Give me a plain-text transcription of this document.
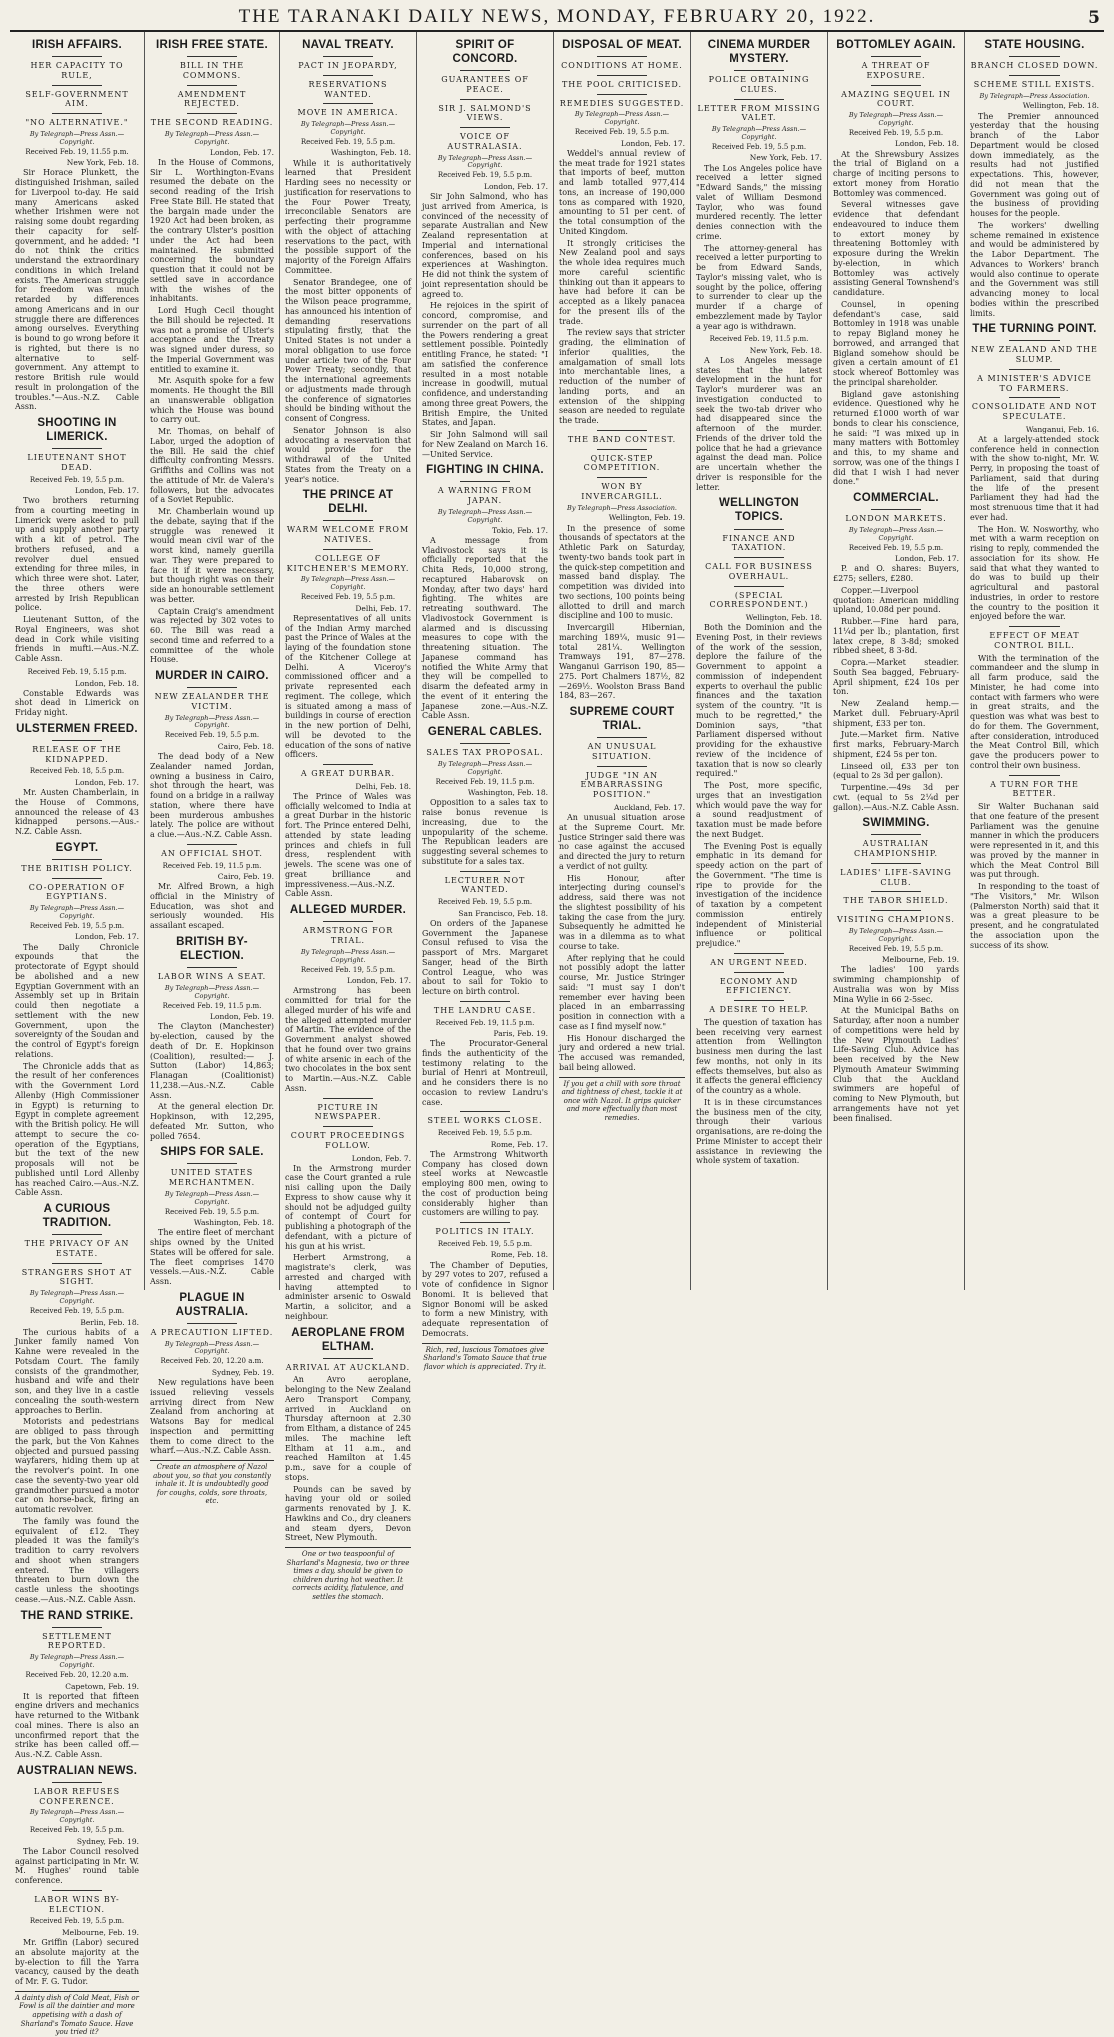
THE TARANAKI DAILY NEWS, MONDAY, FEBRUARY 20, 1922.	5
IRISH AFFAIRS.
HER CAPACITY TO RULE,
SELF-GOVERNMENT AIM.
"NO ALTERNATIVE."
By Telegraph—Press Assn.—Copyright.
Received Feb. 19, 11.55 p.m.
New York, Feb. 18.

Sir Horace Plunkett, the distinguished Irishman, sailed for Liverpool to-day. He said many Americans asked whether Irishmen were not raising some doubt regarding their capacity for self-government, and he added: "I do not think the critics understand the extraordinary conditions in which Ireland exists. The American struggle for freedom was much retarded by differences among Americans and in our struggle there are differences among ourselves. Everything is bound to go wrong before it is righted, but there is no alternative to self-government. Any attempt to restore British rule would result in prolongation of the troubles."—Aus.-N.Z. Cable Assn.

SHOOTING IN LIMERICK.
LIEUTENANT SHOT DEAD.
Received Feb. 19, 5.5 p.m.
London, Feb. 17.

Two brothers returning from a courting meeting in Limerick were asked to pull up and supply another party with a kit of petrol. The brothers refused, and a revolver duel ensued extending for three miles, in which three were shot. Later, the three others were arrested by Irish Republican police.

Lieutenant Sutton, of the Royal Engineers, was shot dead in Cork while visiting friends in mufti.—Aus.-N.Z. Cable Assn.

Received Feb. 19, 5.15 p.m.
London, Feb. 18.

Constable Edwards was shot dead in Limerick on Friday night.

ULSTERMEN FREED.
RELEASE OF THE KIDNAPPED.
Received Feb. 18, 5.5 p.m.
London, Feb. 17.

Mr. Austen Chamberlain, in the House of Commons, announced the release of 43 kidnapped persons.—Aus.-N.Z. Cable Assn.

EGYPT.
THE BRITISH POLICY.
CO-OPERATION OF EGYPTIANS.
By Telegraph—Press Assn.—Copyright.
Received Feb. 19, 5.5 p.m.
London, Feb. 17.

The Daily Chronicle expounds that the protectorate of Egypt should be abolished and a new Egyptian Government with an Assembly set up in Britain could then negotiate a settlement with the new Government, upon the sovereignty of the Soudan and the control of Egypt's foreign relations.

The Chronicle adds that as the result of her conferences with the Government Lord Allenby (High Commissioner in Egypt) is returning to Egypt in complete agreement with the British policy. He will attempt to secure the co-operation of the Egyptians, but the text of the new proposals will not be published until Lord Allenby has reached Cairo.—Aus.-N.Z. Cable Assn.

A CURIOUS TRADITION.
THE PRIVACY OF AN ESTATE.
STRANGERS SHOT AT SIGHT.
By Telegraph—Press Assn.—Copyright.
Received Feb. 19, 5.5 p.m.
Berlin, Feb. 18.

The curious habits of a Junker family named Von Kahne were revealed in the Potsdam Court. The family consists of the grandmother, husband and wife and their son, and they live in a castle concealing the south-western approaches to Berlin.

Motorists and pedestrians are obliged to pass through the park, but the Von Kahnes objected and pursued passing wayfarers, hiding them up at the revolver's point. In one case the seventy-two year old grandmother pursued a motor car on horse-back, firing an automatic revolver.

The family was found the equivalent of £12. They pleaded it was the family's tradition to carry revolvers and shoot when strangers entered. The villagers threaten to burn down the castle unless the shootings cease.—Aus.-N.Z. Cable Assn.

THE RAND STRIKE.
SETTLEMENT REPORTED.
By Telegraph—Press Assn.—Copyright.
Received Feb. 20, 12.20 a.m.
Capetown, Feb. 19.

It is reported that fifteen engine drivers and mechanics have returned to the Witbank coal mines. There is also an unconfirmed report that the strike has been called off.—Aus.-N.Z. Cable Assn.

AUSTRALIAN NEWS.
LABOR REFUSES CONFERENCE.
By Telegraph—Press Assn.—Copyright.
Received Feb. 19, 5.5 p.m.
Sydney, Feb. 19.

The Labor Council resolved against participating in Mr. W. M. Hughes' round table conference.

LABOR WINS BY-ELECTION.
Received Feb. 19, 5.5 p.m.
Melbourne, Feb. 19.

Mr. Griffin (Labor) secured an absolute majority at the by-election to fill the Yarra vacancy, caused by the death of Mr. F. G. Tudor.

A dainty dish of Cold Meat, Fish or Fowl is all the daintier and more appetising with a dash of Sharland's Tomato Sauce. Have you tried it?
IRISH FREE STATE.
BILL IN THE COMMONS.
AMENDMENT REJECTED.
THE SECOND READING.
By Telegraph—Press Assn.—Copyright.
London, Feb. 17.

In the House of Commons, Sir L. Worthington-Evans resumed the debate on the second reading of the Irish Free State Bill. He stated that the bargain made under the 1920 Act had been broken, as the contrary Ulster's position under the Act had been maintained. He submitted concerning the boundary question that it could not be settled save in accordance with the wishes of the inhabitants.

Lord Hugh Cecil thought the Bill should be rejected. It was not a promise of Ulster's acceptance and the Treaty was signed under duress, so the Imperial Government was entitled to examine it.

Mr. Asquith spoke for a few moments. He thought the Bill an unanswerable obligation which the House was bound to carry out.

Mr. Thomas, on behalf of Labor, urged the adoption of the Bill. He said the chief difficulty confronting Messrs. Griffiths and Collins was not the attitude of Mr. de Valera's followers, but the advocates of a Soviet Republic.

Mr. Chamberlain wound up the debate, saying that if the struggle was renewed it would mean civil war of the worst kind, namely guerilla war. They were prepared to face it if it were necessary, but though right was on their side an honourable settlement was better.

Captain Craig's amendment was rejected by 302 votes to 60. The Bill was read a second time and referred to a committee of the whole House.

MURDER IN CAIRO.
NEW ZEALANDER THE VICTIM.
By Telegraph—Press Assn.—Copyright.
Received Feb. 19, 5.5 p.m.
Cairo, Feb. 18.

The dead body of a New Zealander named Jordan, owning a business in Cairo, shot through the heart, was found on a bridge in a railway station, where there have been murderous ambushes lately. The police are without a clue.—Aus.-N.Z. Cable Assn.

AN OFFICIAL SHOT.
Received Feb. 19, 11.5 p.m.
Cairo, Feb. 19.

Mr. Alfred Brown, a high official in the Ministry of Education, was shot and seriously wounded. His assailant escaped.

BRITISH BY-ELECTION.
LABOR WINS A SEAT.
By Telegraph—Press Assn.—Copyright.
Received Feb. 19, 11.5 p.m.
London, Feb. 19.

The Clayton (Manchester) by-election, caused by the death of Dr. E. Hopkinson (Coalition), resulted:— J. Sutton (Labor) 14,863; Flanagan (Coalitionist) 11,238.—Aus.-N.Z. Cable Assn.

At the general election Dr. Hopkinson, with 12,295, defeated Mr. Sutton, who polled 7654.

SHIPS FOR SALE.
UNITED STATES MERCHANTMEN.
By Telegraph—Press Assn.—Copyright.
Received Feb. 19, 5.5 p.m.
Washington, Feb. 18.

The entire fleet of merchant ships owned by the United States will be offered for sale. The fleet comprises 1470 vessels.—Aus.-N.Z. Cable Assn.

PLAGUE IN AUSTRALIA.
A PRECAUTION LIFTED.
By Telegraph—Press Assn.—Copyright.
Received Feb. 20, 12.20 a.m.
Sydney, Feb. 19.

New regulations have been issued relieving vessels arriving direct from New Zealand from anchoring at Watsons Bay for medical inspection and permitting them to come direct to the wharf.—Aus.-N.Z. Cable Assn.

Create an atmosphere of Nazol about you, so that you constantly inhale it. It is undoubtedly good for coughs, colds, sore throats, etc.
NAVAL TREATY.
PACT IN JEOPARDY,
RESERVATIONS WANTED.
MOVE IN AMERICA.
By Telegraph—Press Assn.—Copyright.
Received Feb. 19, 5.5 p.m.
Washington, Feb. 18.

While it is authoritatively learned that President Harding sees no necessity or justification for reservations to the Four Power Treaty, irreconcilable Senators are perfecting their programme with the object of attaching reservations to the pact, with the possible support of the majority of the Foreign Affairs Committee.

Senator Brandegee, one of the most bitter opponents of the Wilson peace programme, has announced his intention of demanding reservations stipulating firstly, that the United States is not under a moral obligation to use force under article two of the Four Power Treaty; secondly, that the international agreements or adjustments made through the conference of signatories should be binding without the consent of Congress.

Senator Johnson is also advocating a reservation that would provide for the withdrawal of the United States from the Treaty on a year's notice.

THE PRINCE AT DELHI.
WARM WELCOME FROM NATIVES.
COLLEGE OF KITCHENER'S MEMORY.
By Telegraph—Press Assn.—Copyright.
Received Feb. 19, 5.5 p.m.
Delhi, Feb. 17.

Representatives of all units of the Indian Army marched past the Prince of Wales at the laying of the foundation stone of the Kitchener College at Delhi. A Viceroy's commissioned officer and a private represented each regiment. The college, which is situated among a mass of buildings in course of erection in the new portion of Delhi, will be devoted to the education of the sons of native officers.

A GREAT DURBAR.
Delhi, Feb. 18.

The Prince of Wales was officially welcomed to India at a great Durbar in the historic fort. The Prince entered Delhi, attended by state leading princes and chiefs in full dress, resplendent with jewels. The scene was one of great brilliance and impressiveness.—Aus.-N.Z. Cable Assn.

ALLEGED MURDER.
ARMSTRONG FOR TRIAL.
By Telegraph—Press Assn.—Copyright.
Received Feb. 19, 5.5 p.m.
London, Feb. 17.

Armstrong has been committed for trial for the alleged murder of his wife and the alleged attempted murder of Martin. The evidence of the Government analyst showed that he found over two grains of white arsenic in each of the two chocolates in the box sent to Martin.—Aus.-N.Z. Cable Assn.

PICTURE IN NEWSPAPER.
COURT PROCEEDINGS FOLLOW.
London, Feb. 7.

In the Armstrong murder case the Court granted a rule nisi calling upon the Daily Express to show cause why it should not be adjudged guilty of contempt of Court for publishing a photograph of the defendant, with a picture of his gun at his wrist.

Herbert Armstrong, a magistrate's clerk, was arrested and charged with having attempted to administer arsenic to Oswald Martin, a solicitor, and a neighbour.

AEROPLANE FROM ELTHAM.
ARRIVAL AT AUCKLAND.

An Avro aeroplane, belonging to the New Zealand Aero Transport Company, arrived in Auckland on Thursday afternoon at 2.30 from Eltham, a distance of 245 miles. The machine left Eltham at 11 a.m., and reached Hamilton at 1.45 p.m., save for a couple of stops.

Pounds can be saved by having your old or soiled garments renovated by J. K. Hawkins and Co., dry cleaners and steam dyers, Devon Street, New Plymouth.

One or two teaspoonful of Sharland's Magnesia, two or three times a day, should be given to children during hot weather. It corrects acidity, flatulence, and settles the stomach.
SPIRIT OF CONCORD.
GUARANTEES OF PEACE.
SIR J. SALMOND'S VIEWS.
VOICE OF AUSTRALASIA.
By Telegraph—Press Assn.—Copyright.
Received Feb. 19, 5.5 p.m.
London, Feb. 17.

Sir John Salmond, who has just arrived from America, is convinced of the necessity of separate Australian and New Zealand representation at Imperial and international conferences, based on his experiences at Washington. He did not think the system of joint representation should be agreed to.

He rejoices in the spirit of concord, compromise, and surrender on the part of all the Powers rendering a great settlement possible. Pointedly entitling France, he stated: "I am satisfied the conference resulted in a most notable increase in goodwill, mutual confidence, and understanding among three great Powers, the British Empire, the United States, and Japan.

Sir John Salmond will sail for New Zealand on March 16.—United Service.

FIGHTING IN CHINA.
A WARNING FROM JAPAN.
By Telegraph—Press Assn.—Copyright.
Tokio, Feb. 17.

A message from Vladivostock says it is officially reported that the Chita Reds, 10,000 strong, recaptured Habarovsk on Monday, after two days' hard fighting. The whites are retreating southward. The Vladivostock Government is alarmed and is discussing measures to cope with the threatening situation. The Japanese command has notified the White Army that they will be compelled to disarm the defeated army in the event of it entering the Japanese zone.—Aus.-N.Z. Cable Assn.

GENERAL CABLES.
SALES TAX PROPOSAL.
By Telegraph—Press Assn.—Copyright.
Received Feb. 19, 11.5 p.m.
Washington, Feb. 18.

Opposition to a sales tax to raise bonus revenue is increasing, due to the unpopularity of the scheme. The Republican leaders are suggesting several schemes to substitute for a sales tax.

LECTURER NOT WANTED.
Received Feb. 19, 5.5 p.m.
San Francisco, Feb. 18.

On orders of the Japanese Government the Japanese Consul refused to visa the passport of Mrs. Margaret Sanger, head of the Birth Control League, who was about to sail for Tokio to lecture on birth control.

THE LANDRU CASE.
Received Feb. 19, 11.5 p.m.
Paris, Feb. 19.

The Procurator-General finds the authenticity of the testimony relating to the burial of Henri at Montreuil, and he considers there is no occasion to review Landru's case.

STEEL WORKS CLOSE.
Received Feb. 19, 5.5 p.m.
Rome, Feb. 17.

The Armstrong Whitworth Company has closed down steel works at Newcastle employing 800 men, owing to the cost of production being considerably higher than customers are willing to pay.

POLITICS IN ITALY.
Received Feb. 19, 5.5 p.m.
Rome, Feb. 18.

The Chamber of Deputies, by 297 votes to 207, refused a vote of confidence in Signor Bonomi. It is believed that Signor Bonomi will be asked to form a new Ministry, with adequate representation of Democrats.

Rich, red, luscious Tomatoes give Sharland's Tomato Sauce that true flavor which is appreciated. Try it.
DISPOSAL OF MEAT.
CONDITIONS AT HOME.
THE POOL CRITICISED.
REMEDIES SUGGESTED.
By Telegraph—Press Assn.—Copyright.
Received Feb. 19, 5.5 p.m.
London, Feb. 17.

Weddel's annual review of the meat trade for 1921 states that imports of beef, mutton and lamb totalled 977,414 tons, an increase of 190,000 tons as compared with 1920, amounting to 51 per cent. of the total consumption of the United Kingdom.

It strongly criticises the New Zealand pool and says the whole idea requires much more careful scientific thinking out than it appears to have had before it can be accepted as a likely panacea for the present ills of the trade.

The review says that stricter grading, the elimination of inferior qualities, the amalgamation of small lots into merchantable lines, a reduction of the number of landing ports, and an extension of the shipping season are needed to regulate the trade.

THE BAND CONTEST.
QUICK-STEP COMPETITION.
WON BY INVERCARGILL.
By Telegraph—Press Association.
Wellington, Feb. 19.

In the presence of some thousands of spectators at the Athletic Park on Saturday, twenty-two bands took part in the quick-step competition and massed band display. The competition was divided into two sections, 100 points being allotted to drill and march discipline and 100 to music.

Invercargill Hibernian, marching 189¼, music 91—total 281¼. Wellington Tramways 191, 87—278. Wanganui Garrison 190, 85—275. Port Chalmers 187½, 82—269½. Woolston Brass Band 184, 83—267.

SUPREME COURT TRIAL.
AN UNUSUAL SITUATION.
JUDGE "IN AN EMBARRASSING POSITION."
Auckland, Feb. 17.

An unusual situation arose at the Supreme Court. Mr. Justice Stringer said there was no case against the accused and directed the jury to return a verdict of not guilty.

His Honour, after interjecting during counsel's address, said there was not the slightest possibility of his taking the case from the jury. Subsequently he admitted he was in a dilemma as to what course to take.

After replying that he could not possibly adopt the latter course, Mr. Justice Stringer said: "I must say I don't remember ever having been placed in an embarrassing position in connection with a case as I find myself now."

His Honour discharged the jury and ordered a new trial. The accused was remanded, bail being allowed.

If you get a chill with sore throat and tightness of chest, tackle it at once with Nazol. It grips quicker and more effectually than most remedies.
CINEMA MURDER MYSTERY.
POLICE OBTAINING CLUES.
LETTER FROM MISSING VALET.
By Telegraph—Press Assn.—Copyright.
Received Feb. 19, 5.5 p.m.
New York, Feb. 17.

The Los Angeles police have received a letter signed "Edward Sands," the missing valet of William Desmond Taylor, who was found murdered recently. The letter denies connection with the crime.

The attorney-general has received a letter purporting to be from Edward Sands, Taylor's missing valet, who is sought by the police, offering to surrender to clear up the murder if a charge of embezzlement made by Taylor a year ago is withdrawn.

Received Feb. 19, 11.5 p.m.
New York, Feb. 18.

A Los Angeles message states that the latest development in the hunt for Taylor's murderer was an investigation conducted to seek the two-tab driver who had disappeared since the afternoon of the murder. Friends of the driver told the police that he had a grievance against the dead man. Police are uncertain whether the driver is responsible for the letter.

WELLINGTON TOPICS.
FINANCE AND TAXATION.
CALL FOR BUSINESS OVERHAUL.
(SPECIAL CORRESPONDENT.)
Wellington, Feb. 18.

Both the Dominion and the Evening Post, in their reviews of the work of the session, deplore the failure of the Government to appoint a commission of independent experts to overhaul the public finances and the taxation system of the country. "It is much to be regretted," the Dominion says, "that Parliament dispersed without providing for the exhaustive review of the incidence of taxation that is now so clearly required."

The Post, more specific, urges that an investigation which would pave the way for a sound readjustment of taxation must be made before the next Budget.

The Evening Post is equally emphatic in its demand for speedy action on the part of the Government. "The time is ripe to provide for the investigation of the incidence of taxation by a competent commission entirely independent of Ministerial influence or political prejudice."

AN URGENT NEED.
ECONOMY AND EFFICIENCY.
A DESIRE TO HELP.

The question of taxation has been receiving very earnest attention from Wellington business men during the last few months, not only in its effects themselves, but also as it affects the general efficiency of the country as a whole.

It is in these circumstances the business men of the city, through their various organisations, are re-doing the Prime Minister to accept their assistance in reviewing the whole system of taxation.

BOTTOMLEY AGAIN.
A THREAT OF EXPOSURE.
AMAZING SEQUEL IN COURT.
By Telegraph—Press Assn.—Copyright.
Received Feb. 19, 5.5 p.m.
London, Feb. 18.

At the Shrewsbury Assizes the trial of Bigland on a charge of inciting persons to extort money from Horatio Bottomley was commenced.

Several witnesses gave evidence that defendant endeavoured to induce them to extort money by threatening Bottomley with exposure during the Wrekin by-election, in which Bottomley was actively assisting General Townshend's candidature.

Counsel, in opening defendant's case, said Bottomley in 1918 was unable to repay Bigland money he borrowed, and arranged that Bigland somehow should be given a certain amount of £1 stock whereof Bottomley was the principal shareholder.

Bigland gave astonishing evidence. Questioned why he returned £1000 worth of war bonds to clear his conscience, he said: "I was mixed up in many matters with Bottomley and this, to my shame and sorrow, was one of the things I did that I wish I had never done."

COMMERCIAL.
LONDON MARKETS.
By Telegraph—Press Assn.—Copyright.
Received Feb. 19, 5.5 p.m.
London, Feb. 17.

P. and O. shares: Buyers, £275; sellers, £280.

Copper.—Liverpool quotation: American middling upland, 10.08d per pound.

Rubber.—Fine hard para, 11¼d per lb.; plantation, first latex crepe, 8 3-8d; smoked ribbed sheet, 8 3-8d.

Copra.—Market steadier. South Sea bagged, February-April shipment, £24 10s per ton.

New Zealand hemp.—Market dull. February-April shipment, £33 per ton.

Jute.—Market firm. Native first marks, February-March shipment, £24 5s per ton.

Linseed oil, £33 per ton (equal to 2s 3d per gallon).

Turpentine.—49s 3d per cwt. (equal to 5s 2¼d per gallon).—Aus.-N.Z. Cable Assn.

SWIMMING.
AUSTRALIAN CHAMPIONSHIP.
LADIES' LIFE-SAVING CLUB.
THE TABOR SHIELD.
VISITING CHAMPIONS.
By Telegraph—Press Assn.—Copyright.
Received Feb. 19, 5.5 p.m.
Melbourne, Feb. 19.

The ladies' 100 yards swimming championship of Australia was won by Miss Mina Wylie in 66 2-5sec.

At the Municipal Baths on Saturday, after noon a number of competitions were held by the New Plymouth Ladies' Life-Saving Club. Advice has been received by the New Plymouth Amateur Swimming Club that the Auckland swimmers are hopeful of coming to New Plymouth, but arrangements have not yet been finalised.

STATE HOUSING.
BRANCH CLOSED DOWN.
SCHEME STILL EXISTS.
By Telegraph—Press Association.
Wellington, Feb. 18.

The Premier announced yesterday that the housing branch of the Labor Department would be closed down immediately, as the results had not justified expectations. This, however, did not mean that the Government was going out of the business of providing houses for the people.

The workers' dwelling scheme remained in existence and would be administered by the Labor Department. The Advances to Workers' branch would also continue to operate and the Government was still advancing money to local bodies within the prescribed limits.

THE TURNING POINT.
NEW ZEALAND AND THE SLUMP.
A MINISTER'S ADVICE TO FARMERS.
CONSOLIDATE AND NOT SPECULATE.
Wanganui, Feb. 16.

At a largely-attended stock conference held in connection with the show to-night, Mr. W. Perry, in proposing the toast of Parliament, said that during the life of the present Parliament they had had the most strenuous time that it had ever had.

The Hon. W. Nosworthy, who met with a warm reception on rising to reply, commended the association for its show. He said that what they wanted to do was to build up their agricultural and pastoral industries, in order to restore the country to the position it enjoyed before the war.

EFFECT OF MEAT CONTROL BILL.

With the termination of the commandeer and the slump in all farm produce, said the Minister, he had come into contact with farmers who were in great straits, and the question was what was best to do for them. The Government, after consideration, introduced the Meat Control Bill, which gave the producers power to control their own business.

A TURN FOR THE BETTER.

Sir Walter Buchanan said that one feature of the present Parliament was the genuine manner in which the producers were represented in it, and this was proved by the manner in which the Meat Control Bill was put through.

In responding to the toast of "The Visitors," Mr. Wilson (Palmerston North) said that it was a great pleasure to be present, and he congratulated the association upon the success of its show.
